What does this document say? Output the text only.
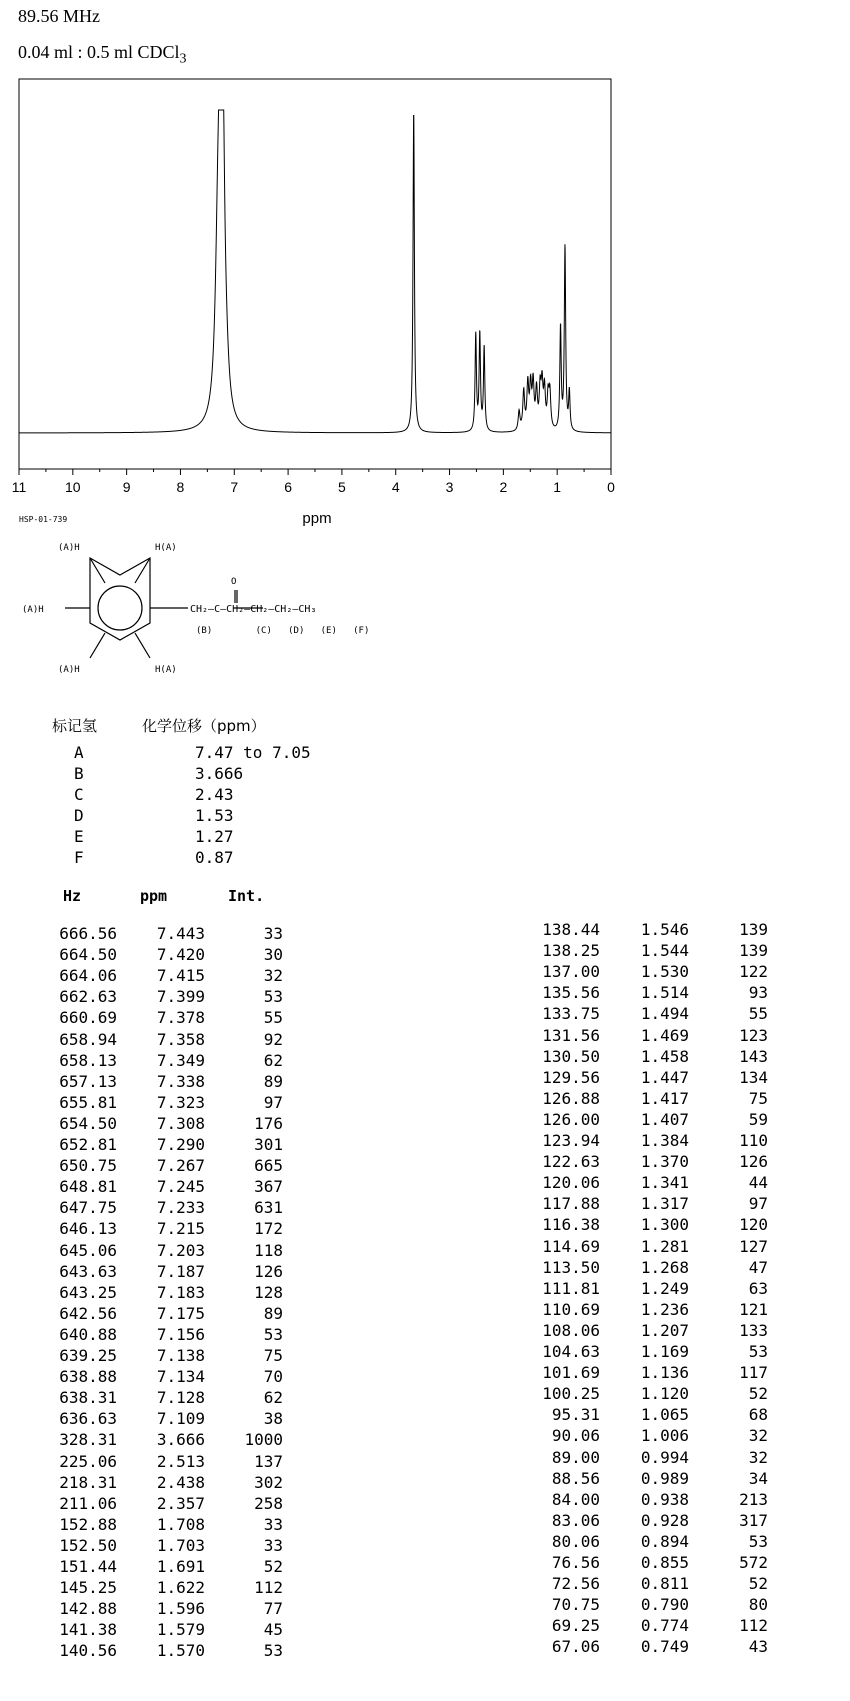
89.56 MHz
0.04 ml : 0.5 ml CDCl$_3$
11	10	9	8	7	6	5	4	3	2	1	0
ppm
HSP-01-739
(A)H	H(A)
(A)H
(A)H	H(A)
O
CH₂—C—CH₂—CH₂—CH₂—CH₃
(B)        (C)   (D)   (E)   (F)
标记氢	化学位移（ppm）
A	7.47 to 7.05
B	3.666
C	2.43
D	1.53
E	1.27
F	0.87
Hz	ppm	Int.
666.56	7.443	33
664.50	7.420	30
664.06	7.415	32
662.63	7.399	53
660.69	7.378	55
658.94	7.358	92
658.13	7.349	62
657.13	7.338	89
655.81	7.323	97
654.50	7.308	176
652.81	7.290	301
650.75	7.267	665
648.81	7.245	367
647.75	7.233	631
646.13	7.215	172
645.06	7.203	118
643.63	7.187	126
643.25	7.183	128
642.56	7.175	89
640.88	7.156	53
639.25	7.138	75
638.88	7.134	70
638.31	7.128	62
636.63	7.109	38
328.31	3.666	1000
225.06	2.513	137
218.31	2.438	302
211.06	2.357	258
152.88	1.708	33
152.50	1.703	33
151.44	1.691	52
145.25	1.622	112
142.88	1.596	77
141.38	1.579	45
140.56	1.570	53
138.44	1.546	139
138.25	1.544	139
137.00	1.530	122
135.56	1.514	93
133.75	1.494	55
131.56	1.469	123
130.50	1.458	143
129.56	1.447	134
126.88	1.417	75
126.00	1.407	59
123.94	1.384	110
122.63	1.370	126
120.06	1.341	44
117.88	1.317	97
116.38	1.300	120
114.69	1.281	127
113.50	1.268	47
111.81	1.249	63
110.69	1.236	121
108.06	1.207	133
104.63	1.169	53
101.69	1.136	117
100.25	1.120	52
95.31	1.065	68
90.06	1.006	32
89.00	0.994	32
88.56	0.989	34
84.00	0.938	213
83.06	0.928	317
80.06	0.894	53
76.56	0.855	572
72.56	0.811	52
70.75	0.790	80
69.25	0.774	112
67.06	0.749	43
